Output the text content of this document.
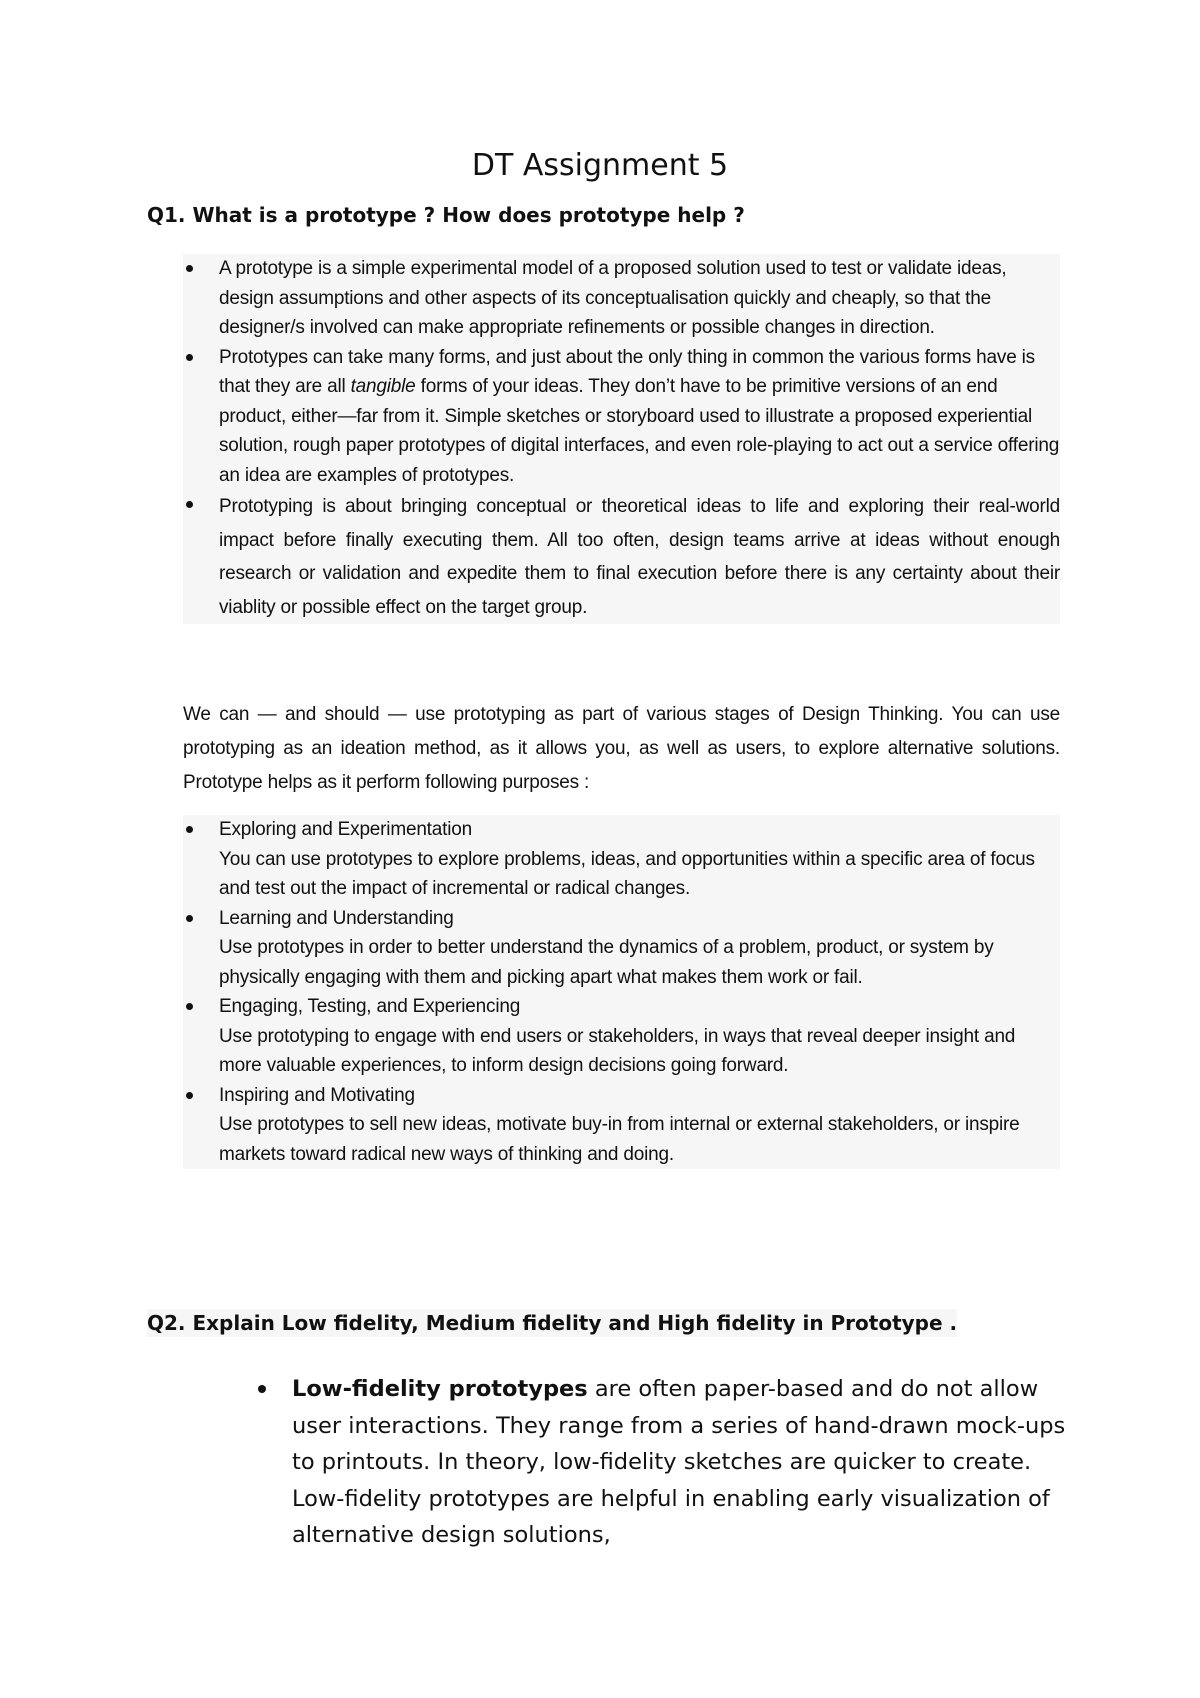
DT Assignment 5
Q1. What is a prototype ? How does prototype help ?
A prototype is a simple experimental model of a proposed solution used to test or validate ideas, design assumptions and other aspects of its conceptualisation quickly and cheaply, so that the designer/s involved can make appropriate refinements or possible changes in direction.
Prototypes can take many forms, and just about the only thing in common the various forms have is that they are all tangible forms of your ideas. They don’t have to be primitive versions of an end product, either—far from it. Simple sketches or storyboard used to illustrate a proposed experiential solution, rough paper prototypes of digital interfaces, and even role-playing to act out a service offering an idea are examples of prototypes.
Prototyping is about bringing conceptual or theoretical ideas to life and exploring their real-world impact before finally executing them. All too often, design teams arrive at ideas without enough research or validation and expedite them to final execution before there is any certainty about their viablity or possible effect on the target group.
We can — and should — use prototyping as part of various stages of Design Thinking. You can use prototyping as an ideation method, as it allows you, as well as users, to explore alternative solutions. Prototype helps as it perform following purposes :
Exploring and Experimentation
You can use prototypes to explore problems, ideas, and opportunities within a specific area of focus and test out the impact of incremental or radical changes.
Learning and Understanding
Use prototypes in order to better understand the dynamics of a problem, product, or system by physically engaging with them and picking apart what makes them work or fail.
Engaging, Testing, and Experiencing
Use prototyping to engage with end users or stakeholders, in ways that reveal deeper insight and more valuable experiences, to inform design decisions going forward.
Inspiring and Motivating
Use prototypes to sell new ideas, motivate buy-in from internal or external stakeholders, or inspire markets toward radical new ways of thinking and doing.
Q2. Explain Low fidelity, Medium fidelity and High fidelity in Prototype .
Low-fidelity prototypes are often paper-based and do not allow user interactions. They range from a series of hand-drawn mock-ups to printouts. In theory, low-fidelity sketches are quicker to create. Low-fidelity prototypes are helpful in enabling early visualization of alternative design solutions,
